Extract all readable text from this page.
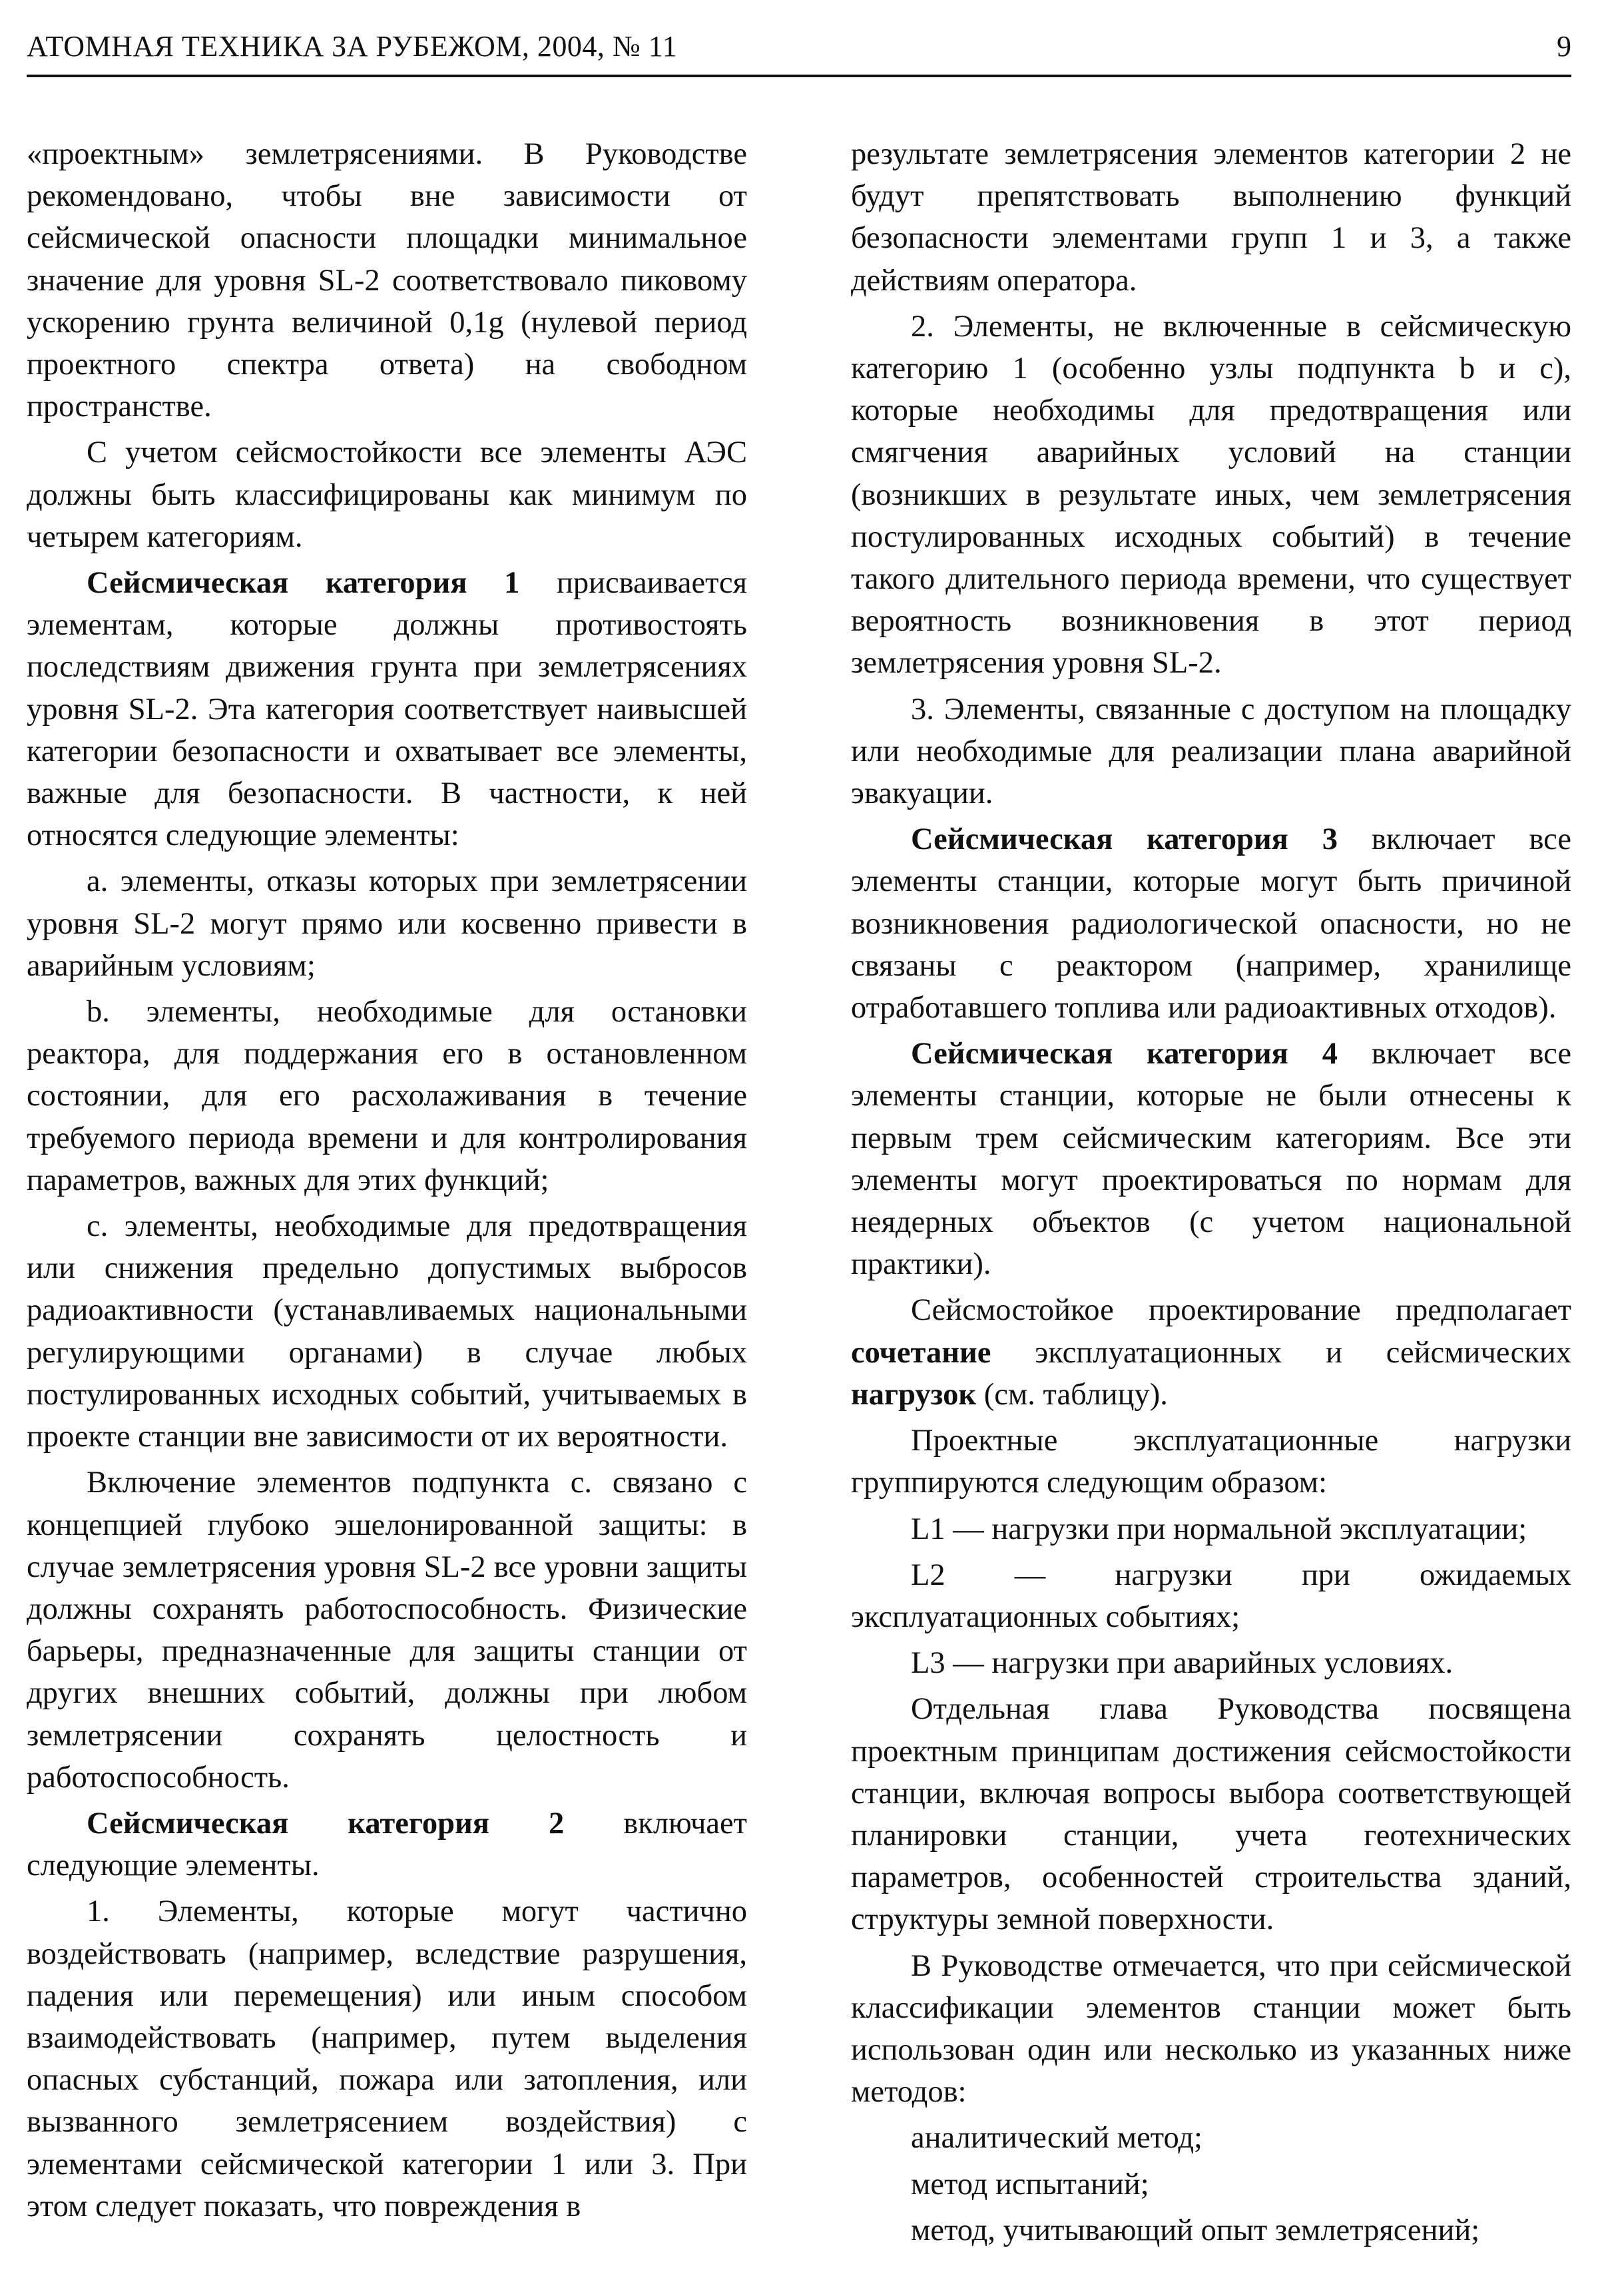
АТОМНАЯ ТЕХНИКА ЗА РУБЕЖОМ, 2004, № 11	9

«проектным» землетрясениями. В Руководстве рекомендовано, чтобы вне зависимости от сейсмической опасности площадки минимальное значение для уровня SL-2 соответствовало пиковому ускорению грунта величиной 0,1g (нулевой период проектного спектра ответа) на свободном пространстве.

С учетом сейсмостойкости все элементы АЭС должны быть классифицированы как минимум по четырем категориям.

Сейсмическая категория 1 присваивается элементам, которые должны противостоять последствиям движения грунта при землетрясениях уровня SL-2. Эта категория соответствует наивысшей категории безопасности и охватывает все элементы, важные для безопасности. В частности, к ней относятся следующие элементы:

a. элементы, отказы которых при землетрясении уровня SL-2 могут прямо или косвенно привести в аварийным условиям;

b. элементы, необходимые для остановки реактора, для поддержания его в остановленном состоянии, для его расхолаживания в течение требуемого периода времени и для контролирования параметров, важных для этих функций;

c. элементы, необходимые для предотвращения или снижения предельно допустимых выбросов радиоактивности (устанавливаемых национальными регулирующими органами) в случае любых постулированных исходных событий, учитываемых в проекте станции вне зависимости от их вероятности.

Включение элементов подпункта с. связано с концепцией глубоко эшелонированной защиты: в случае землетрясения уровня SL-2 все уровни защиты должны сохранять работоспособность. Физические барьеры, предназначенные для защиты станции от других внешних событий, должны при любом землетрясении сохранять целостность и работоспособность.

Сейсмическая категория 2 включает следующие элементы.

1. Элементы, которые могут частично воздействовать (например, вследствие разрушения, падения или перемещения) или иным способом взаимодействовать (например, путем выделения опасных субстанций, пожара или затопления, или вызванного землетрясением воздействия) с элементами сейсмической категории 1 или 3. При этом следует показать, что повреждения в

результате землетрясения элементов категории 2 не будут препятствовать выполнению функций безопасности элементами групп 1 и 3, а также действиям оператора.

2. Элементы, не включенные в сейсмическую категорию 1 (особенно узлы подпункта b и c), которые необходимы для предотвращения или смягчения аварийных условий на станции (возникших в результате иных, чем землетрясения постулированных исходных событий) в течение такого длительного периода времени, что существует вероятность возникновения в этот период землетрясения уровня SL-2.

3. Элементы, связанные с доступом на площадку или необходимые для реализации плана аварийной эвакуации.

Сейсмическая категория 3 включает все элементы станции, которые могут быть причиной возникновения радиологической опасности, но не связаны с реактором (например, хранилище отработавшего топлива или радиоактивных отходов).

Сейсмическая категория 4 включает все элементы станции, которые не были отнесены к первым трем сейсмическим категориям. Все эти элементы могут проектироваться по нормам для неядерных объектов (с учетом национальной практики).

Сейсмостойкое проектирование предполагает сочетание эксплуатационных и сейсмических нагрузок (см. таблицу).

Проектные эксплуатационные нагрузки группируются следующим образом:

L1 — нагрузки при нормальной эксплуатации;

L2 — нагрузки при ожидаемых эксплуатационных событиях;

L3 — нагрузки при аварийных условиях.

Отдельная глава Руководства посвящена проектным принципам достижения сейсмостойкости станции, включая вопросы выбора соответствующей планировки станции, учета геотехнических параметров, особенностей строительства зданий, структуры земной поверхности.

В Руководстве отмечается, что при сейсмической классификации элементов станции может быть использован один или несколько из указанных ниже методов:

аналитический метод;

метод испытаний;

метод, учитывающий опыт землетрясений;
